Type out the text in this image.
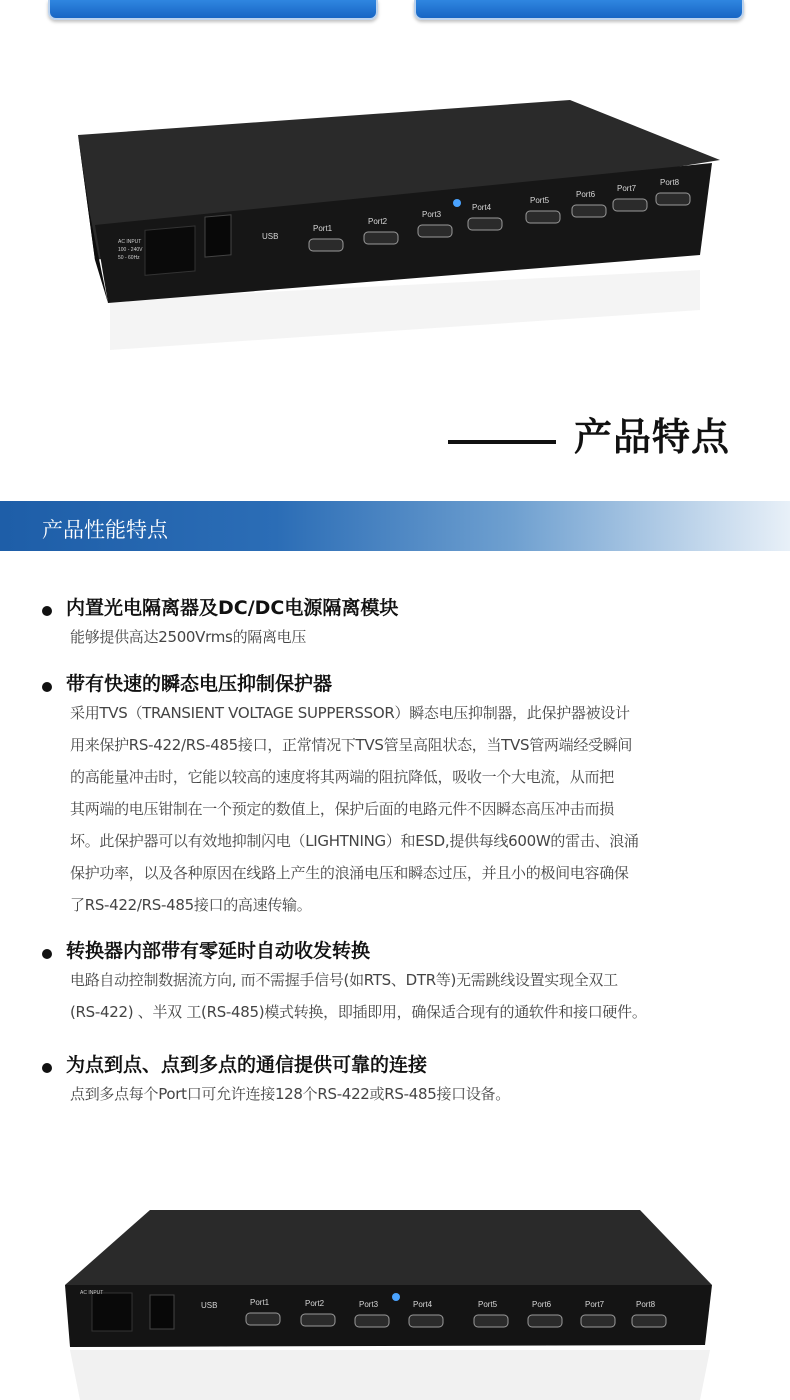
AC INPUT
100 - 240V
50 - 60Hz
USB
Port1
Port2
Port3
Port4
Port5
Port6
Port7
Port8
产品特点
产品性能特点
内置光电隔离器及DC/DC电源隔离模块
能够提供高达2500Vrms的隔离电压
带有快速的瞬态电压抑制保护器
采用TVS（TRANSIENT VOLTAGE SUPPERSSOR）瞬态电压抑制器，此保护器被设计
用来保护RS-422/RS-485接口，正常情况下TVS管呈高阻状态，当TVS管两端经受瞬间
的高能量冲击时，它能以较高的速度将其两端的阻抗降低，吸收一个大电流，从而把
其两端的电压钳制在一个预定的数值上，保护后面的电路元件不因瞬态高压冲击而损
坏。此保护器可以有效地抑制闪电（LIGHTNING）和ESD,提供每线600W的雷击、浪涌
保护功率，以及各种原因在线路上产生的浪涌电压和瞬态过压，并且小的极间电容确保
了RS-422/RS-485接口的高速传输。
转换器内部带有零延时自动收发转换
电路自动控制数据流方向, 而不需握手信号(如RTS、DTR等)无需跳线设置实现全双工
(RS-422) 、半双 工(RS-485)模式转换，即插即用，确保适合现有的通软件和接口硬件。
为点到点、点到多点的通信提供可靠的连接
点到多点每个Port口可允许连接128个RS-422或RS-485接口设备。
AC INPUT
USB	Port1	Port2	Port3	Port4	Port5	Port6	Port7	Port8
